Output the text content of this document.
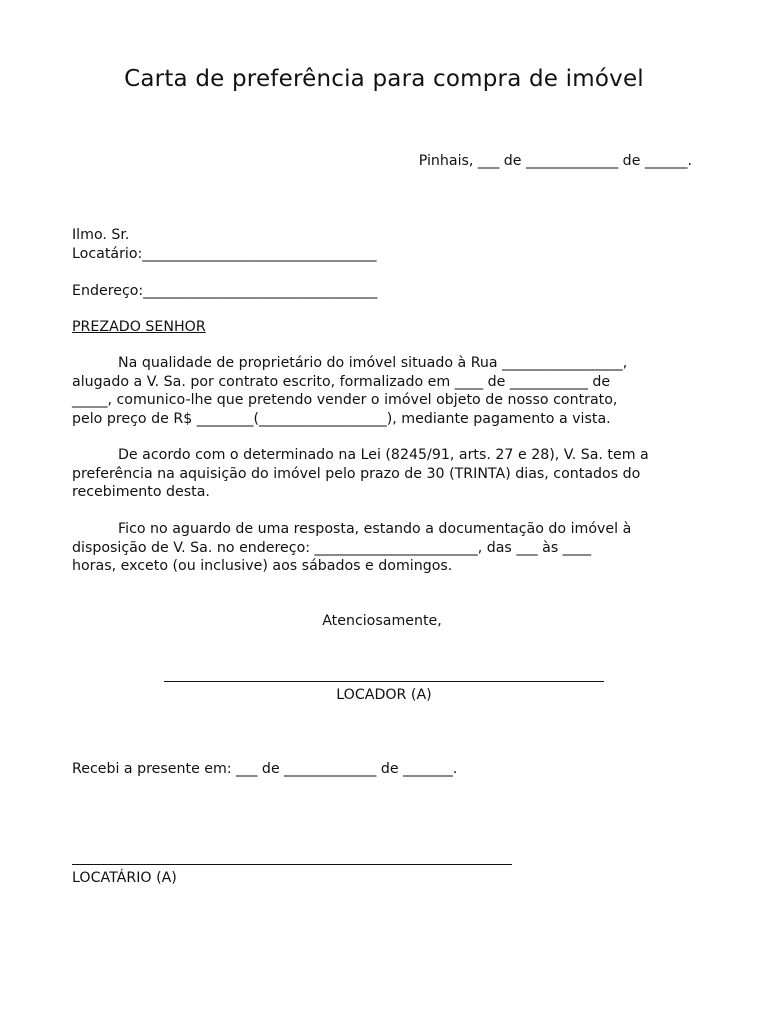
Carta de preferência para compra de imóvel
Pinhais, ___ de _____________ de ______.
Ilmo. Sr.
Locatário:_________________________________
Endereço:_________________________________
PREZADO SENHOR
Na qualidade de proprietário do imóvel situado à Rua _________________,
alugado a V. Sa. por contrato escrito, formalizado em ____ de ___________ de
_____, comunico-lhe que pretendo vender o imóvel objeto de nosso contrato,
pelo preço de R$ ________(__________________), mediante pagamento a vista.
De acordo com o determinado na Lei (8245/91, arts. 27 e 28), V. Sa. tem a
preferência na aquisição do imóvel pelo prazo de 30 (TRINTA) dias, contados do
recebimento desta.
Fico no aguardo de uma resposta, estando a documentação do imóvel à
disposição de V. Sa. no endereço: _______________________, das ___ às ____
horas, exceto (ou inclusive) aos sábados e domingos.
Atenciosamente,
LOCADOR (A)
Recebi a presente em: ___ de _____________ de _______.
LOCATÁRIO (A)
